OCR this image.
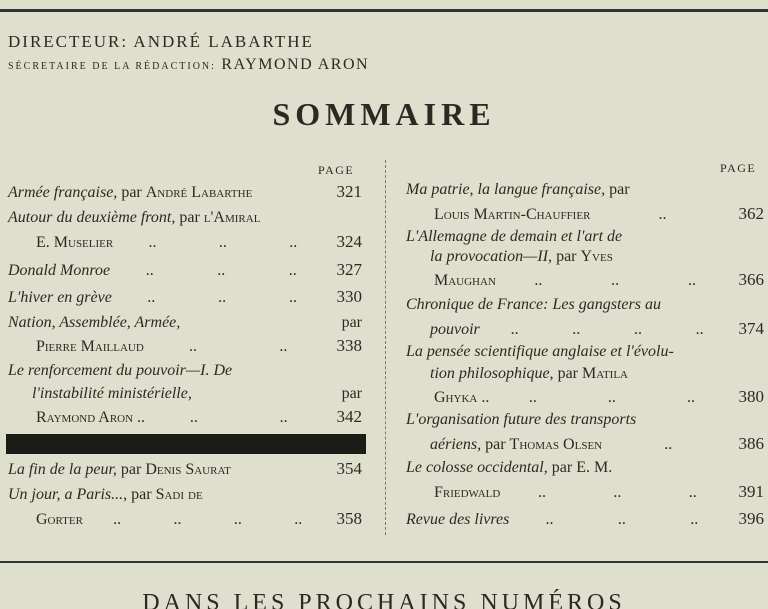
DIRECTEUR: ANDRÉ LABARTHE
SÉCRETAIRE DE LA RÉDACTION: RAYMOND ARON
SOMMAIRE
PAGE	PAGE
Armée française, par André Labarthe	321
Autour du deuxième front, par l'Amiral
E. Muselier ..	..	.. 324
Donald Monroe ..	..	.. 327
L'hiver en grève ..	..	.. 330
Nation, Assemblée, Armée,	par
Pierre Maillaud	..	..	338
Le renforcement du pouvoir—I. De
l'instabilité ministérielle,	par
Raymond Aron ..	..	..	342
La fin de la peur, par Denis Saurat	354
Un jour, a Paris..., par Sadi de
Gorter ..	..	..	.. 358
Ma patrie, la langue française, par
Louis Martin-Chauffier	..	362
L'Allemagne de demain et l'art de
la provocation—II, par Yves
Maughan ..	..	.. 366
Chronique de France: Les gangsters au
pouvoir ..	..	..	.. 374
La pensée scientifique anglaise et l'évolu-
tion philosophique, par Matila
Ghyka .. ..	..	..	380
L'organisation future des transports
aériens, par Thomas Olsen	..	386
Le colosse occidental, par E. M.
Friedwald ..	..	.. 391
Revue des livres ..	..	.. 396
DANS LES PROCHAINS NUMÉROS
